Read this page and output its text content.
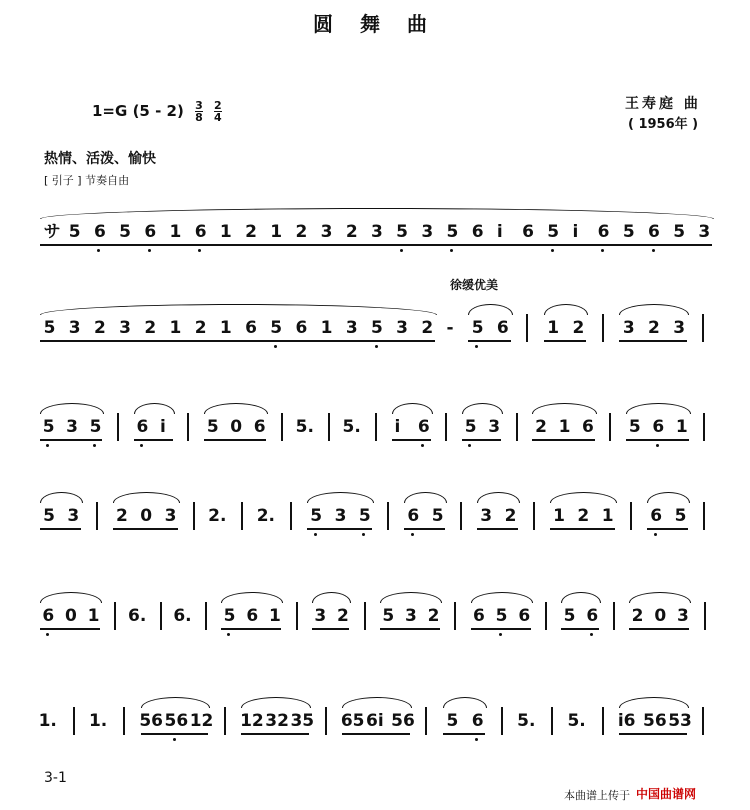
圆 舞 曲
1=G $(5 - 2) \frac{3}{8}$
$\frac{2}{4}$	王寿庭 曲
( 1956年 )
热情、活泼、愉快
[ 引子 ] 节奏自由
徐缓优美
サ 5 6 5 6 1 6 1 2 1 2 3 2 3 5 3 5 6 i 6 5 i 6 5 6 5 3
5 3 2 3 2 1 2 1 6 5 6 1 3 5 3 2 - 5 6 1 2 3 2 3
5 3 5 6 i 5 0 6 5. 5. i 6 5 3 2 1 6 5 6 1
5 3 2 0 3 2. 2. 5 3 5 6 5 3 2 1 2 1 6 5
6 0 1 6. 6. 5 6 1 3 2 5 3 2 6 5 6 5 6 2 0 3
1. 1. 56 56 12 12 32 35 65 6i 56 5 6 5. 5. i6 56 53
3-1
本曲谱上传于 中国曲谱网
